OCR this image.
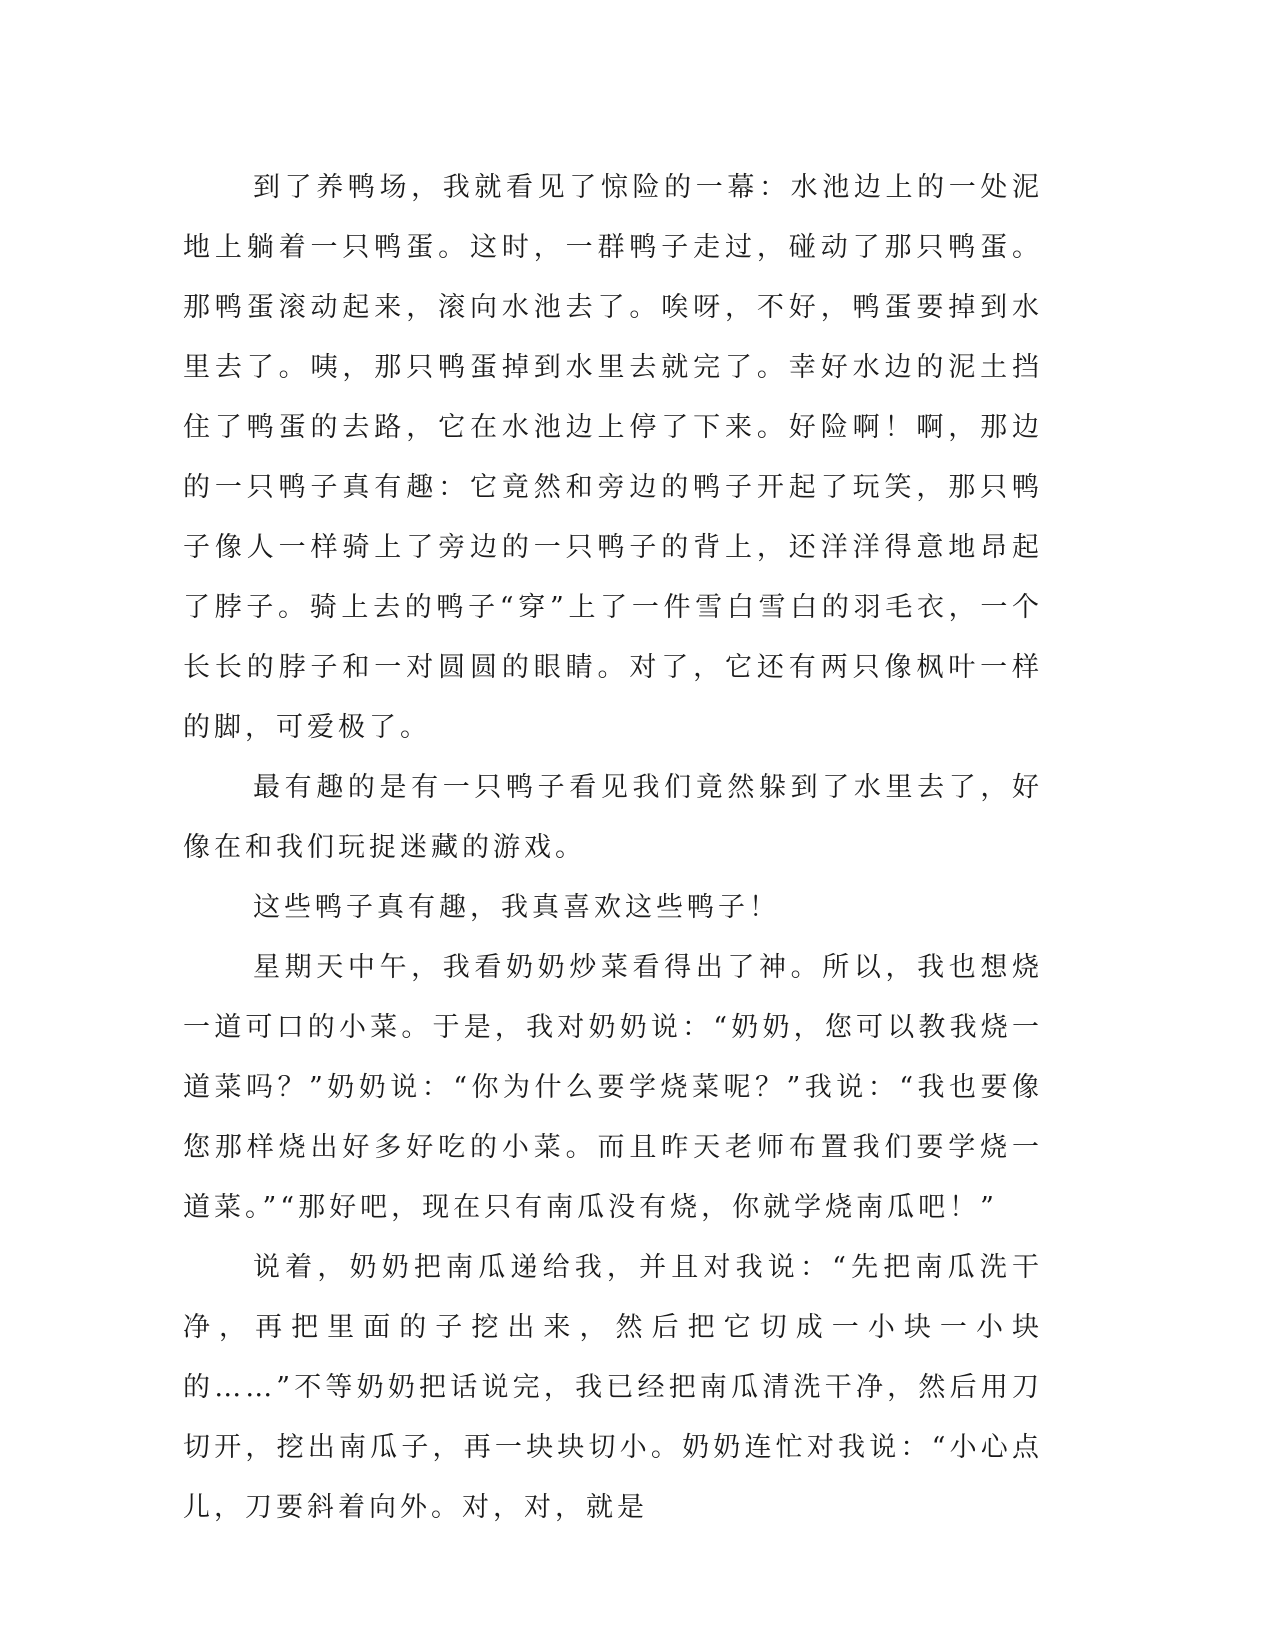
到了养鸭场，我就看见了惊险的一幕：水池边上的一处泥地上躺着一只鸭蛋。这时，一群鸭子走过，碰动了那只鸭蛋。那鸭蛋滚动起来，滚向水池去了。唉呀，不好，鸭蛋要掉到水里去了。咦，那只鸭蛋掉到水里去就完了。幸好水边的泥土挡住了鸭蛋的去路，它在水池边上停了下来。好险啊！啊，那边的一只鸭子真有趣：它竟然和旁边的鸭子开起了玩笑，那只鸭子像人一样骑上了旁边的一只鸭子的背上，还洋洋得意地昂起了脖子。骑上去的鸭子“穿”上了一件雪白雪白的羽毛衣，一个长长的脖子和一对圆圆的眼睛。对了，它还有两只像枫叶一样的脚，可爱极了。

最有趣的是有一只鸭子看见我们竟然躲到了水里去了，好像在和我们玩捉迷藏的游戏。

这些鸭子真有趣，我真喜欢这些鸭子！

星期天中午，我看奶奶炒菜看得出了神。所以，我也想烧一道可口的小菜。于是，我对奶奶说：“奶奶，您可以教我烧一道菜吗？”奶奶说：“你为什么要学烧菜呢？”我说：“我也要像您那样烧出好多好吃的小菜。而且昨天老师布置我们要学烧一道菜。”“那好吧，现在只有南瓜没有烧，你就学烧南瓜吧！”

说着，奶奶把南瓜递给我，并且对我说：“先把南瓜洗干净，再把里面的子挖出来，然后把它切成一小块一小块的……”不等奶奶把话说完，我已经把南瓜清洗干净，然后用刀切开，挖出南瓜子，再一块块切小。奶奶连忙对我说：“小心点儿，刀要斜着向外。对，对，就是
